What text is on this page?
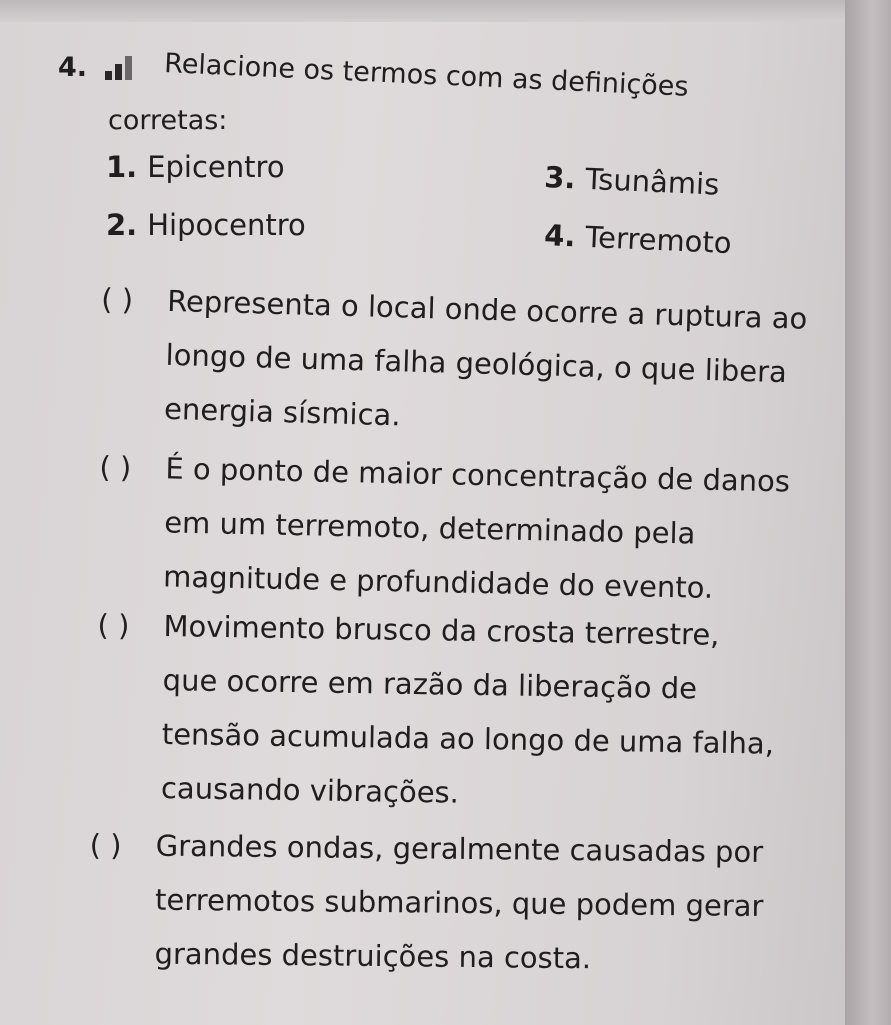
4.	Relacione os termos com as definições
corretas:
1. Epicentro
2. Hipocentro
3. Tsunâmis
4. Terremoto
( ) Representa o local onde ocorre a ruptura ao
longo de uma falha geológica, o que libera
energia sísmica.
( ) É o ponto de maior concentração de danos
em um terremoto, determinado pela
magnitude e profundidade do evento.
( ) Movimento brusco da crosta terrestre,
que ocorre em razão da liberação de
tensão acumulada ao longo de uma falha,
causando vibrações.
( ) Grandes ondas, geralmente causadas por
terremotos submarinos, que podem gerar
grandes destruições na costa.
